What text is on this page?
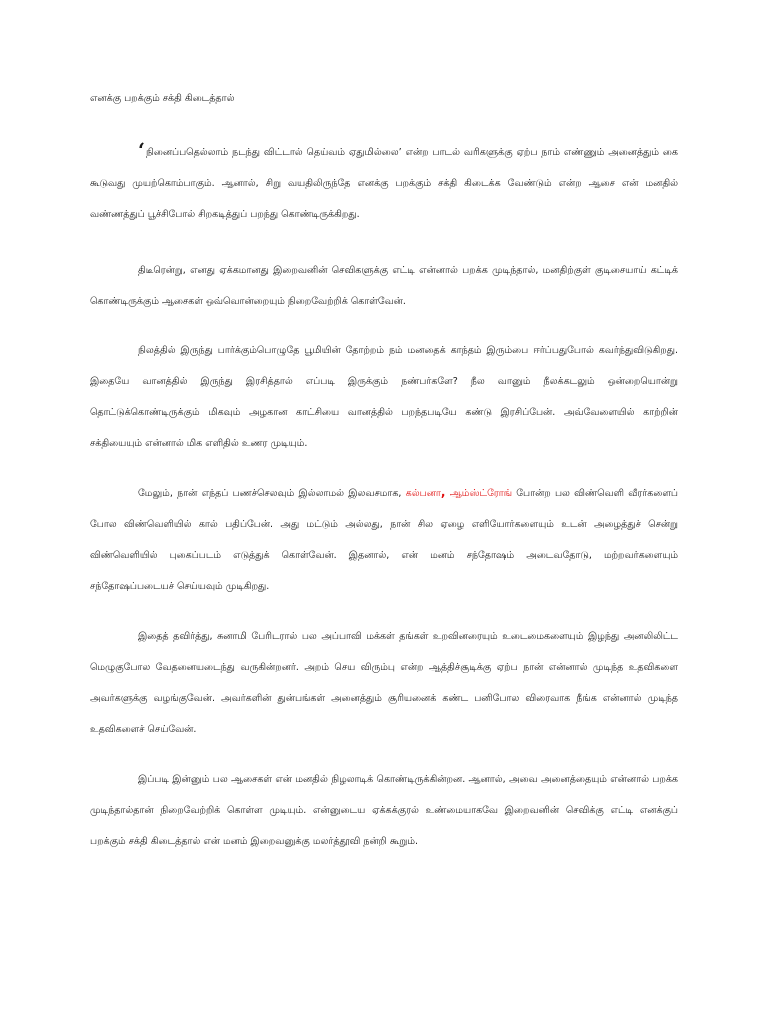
எனக்கு பறக்கும் சக்தி கிடைத்தால்

‘நினைப்பதெல்லாம் நடந்து விட்டால் தெய்வம் ஏதுமில்லை’ என்ற பாடல் வரிகளுக்கு ஏற்ப நாம் எண்ணும் அனைத்தும் கை கூடுவது முயற்கொம்பாகும். ஆனால், சிறு வயதிலிருந்தே எனக்கு பறக்கும் சக்தி கிடைக்க வேண்டும் என்ற ஆசை என் மனதில் வண்ணத்துப் பூச்சிபோல் சிறகடித்துப் பறந்து கொண்டிருக்கிறது.

திடீரென்று, எனது ஏக்கமானது இறைவனின் செவிகளுக்கு எட்டி என்னால் பறக்க முடிந்தால், மனதிற்குள் குடிசையாய் கட்டிக் கொண்டிருக்கும் ஆசைகள் ஒவ்வொன்றையும் நிறைவேற்றிக் கொள்வேன்.

நிலத்தில் இருந்து பார்க்கும்பொழுதே பூமியின் தோற்றம் நம் மனதைக் காந்தம் இரும்பை ஈர்ப்பதுபோல் கவர்ந்துவிடுகிறது. இதையே வானத்தில் இருந்து இரசித்தால் எப்படி இருக்கும் நண்பர்களே? நீல வானும் நீலக்கடலும் ஒன்றையொன்று தொட்டுக்கொண்டிருக்கும் மிகவும் அழகான காட்சியை வானத்தில் பறந்தபடியே கண்டு இரசிப்பேன். அவ்வேளையில் காற்றின் சக்தியையும் என்னால் மிக எளிதில் உணர முடியும்.

மேலும், நான் எந்தப் பணச்செலவும் இல்லாமல் இலவசமாக, கல்பனா, ஆம்ஸ்ட்ரோங் போன்ற பல விண்வெளி வீரர்களைப் போல விண்வெளியில் கால் பதிப்பேன். அது மட்டும் அல்லது, நான் சில ஏழை எளியோர்களையும் உடன் அழைத்துச் சென்று விண்வெளியில் புகைப்படம் எடுத்துக் கொள்வேன். இதனால், என் மனம் சந்தோஷம் அடைவதோடு, மற்றவர்களையும் சந்தோஷப்படையச் செய்யவும் முடிகிறது.

இதைத் தவிர்த்து, சுனாமி பேரிடரால் பல அப்பாவி மக்கள் தங்கள் உறவினரையும் உடைமைகளையும் இழந்து அனலிலிட்ட மெழுகுபோல வேதனையடைந்து வருகின்றனர். அறம் செய விரும்பு என்ற ஆத்திச்சூடிக்கு ஏற்ப நான் என்னால் முடிந்த உதவிகளை அவர்களுக்கு வழங்குவேன். அவர்களின் துன்பங்கள் அனைத்தும் சூரியனைக் கண்ட பனிபோல விரைவாக நீங்க என்னால் முடிந்த உதவிகளைச் செய்வேன்.

இப்படி இன்னும் பல ஆசைகள் என் மனதில் நிழலாடிக் கொண்டிருக்கின்றன. ஆனால், அவை அனைத்தையும் என்னால் பறக்க முடிந்தால்தான் நிறைவேற்றிக் கொள்ள முடியும். என்னுடைய ஏக்கக்குரல் உண்மையாகவே இறைவனின் செவிக்கு எட்டி எனக்குப் பறக்கும் சக்தி கிடைத்தால் என் மனம் இறைவனுக்கு மலர்த்தூவி நன்றி கூறும்.
